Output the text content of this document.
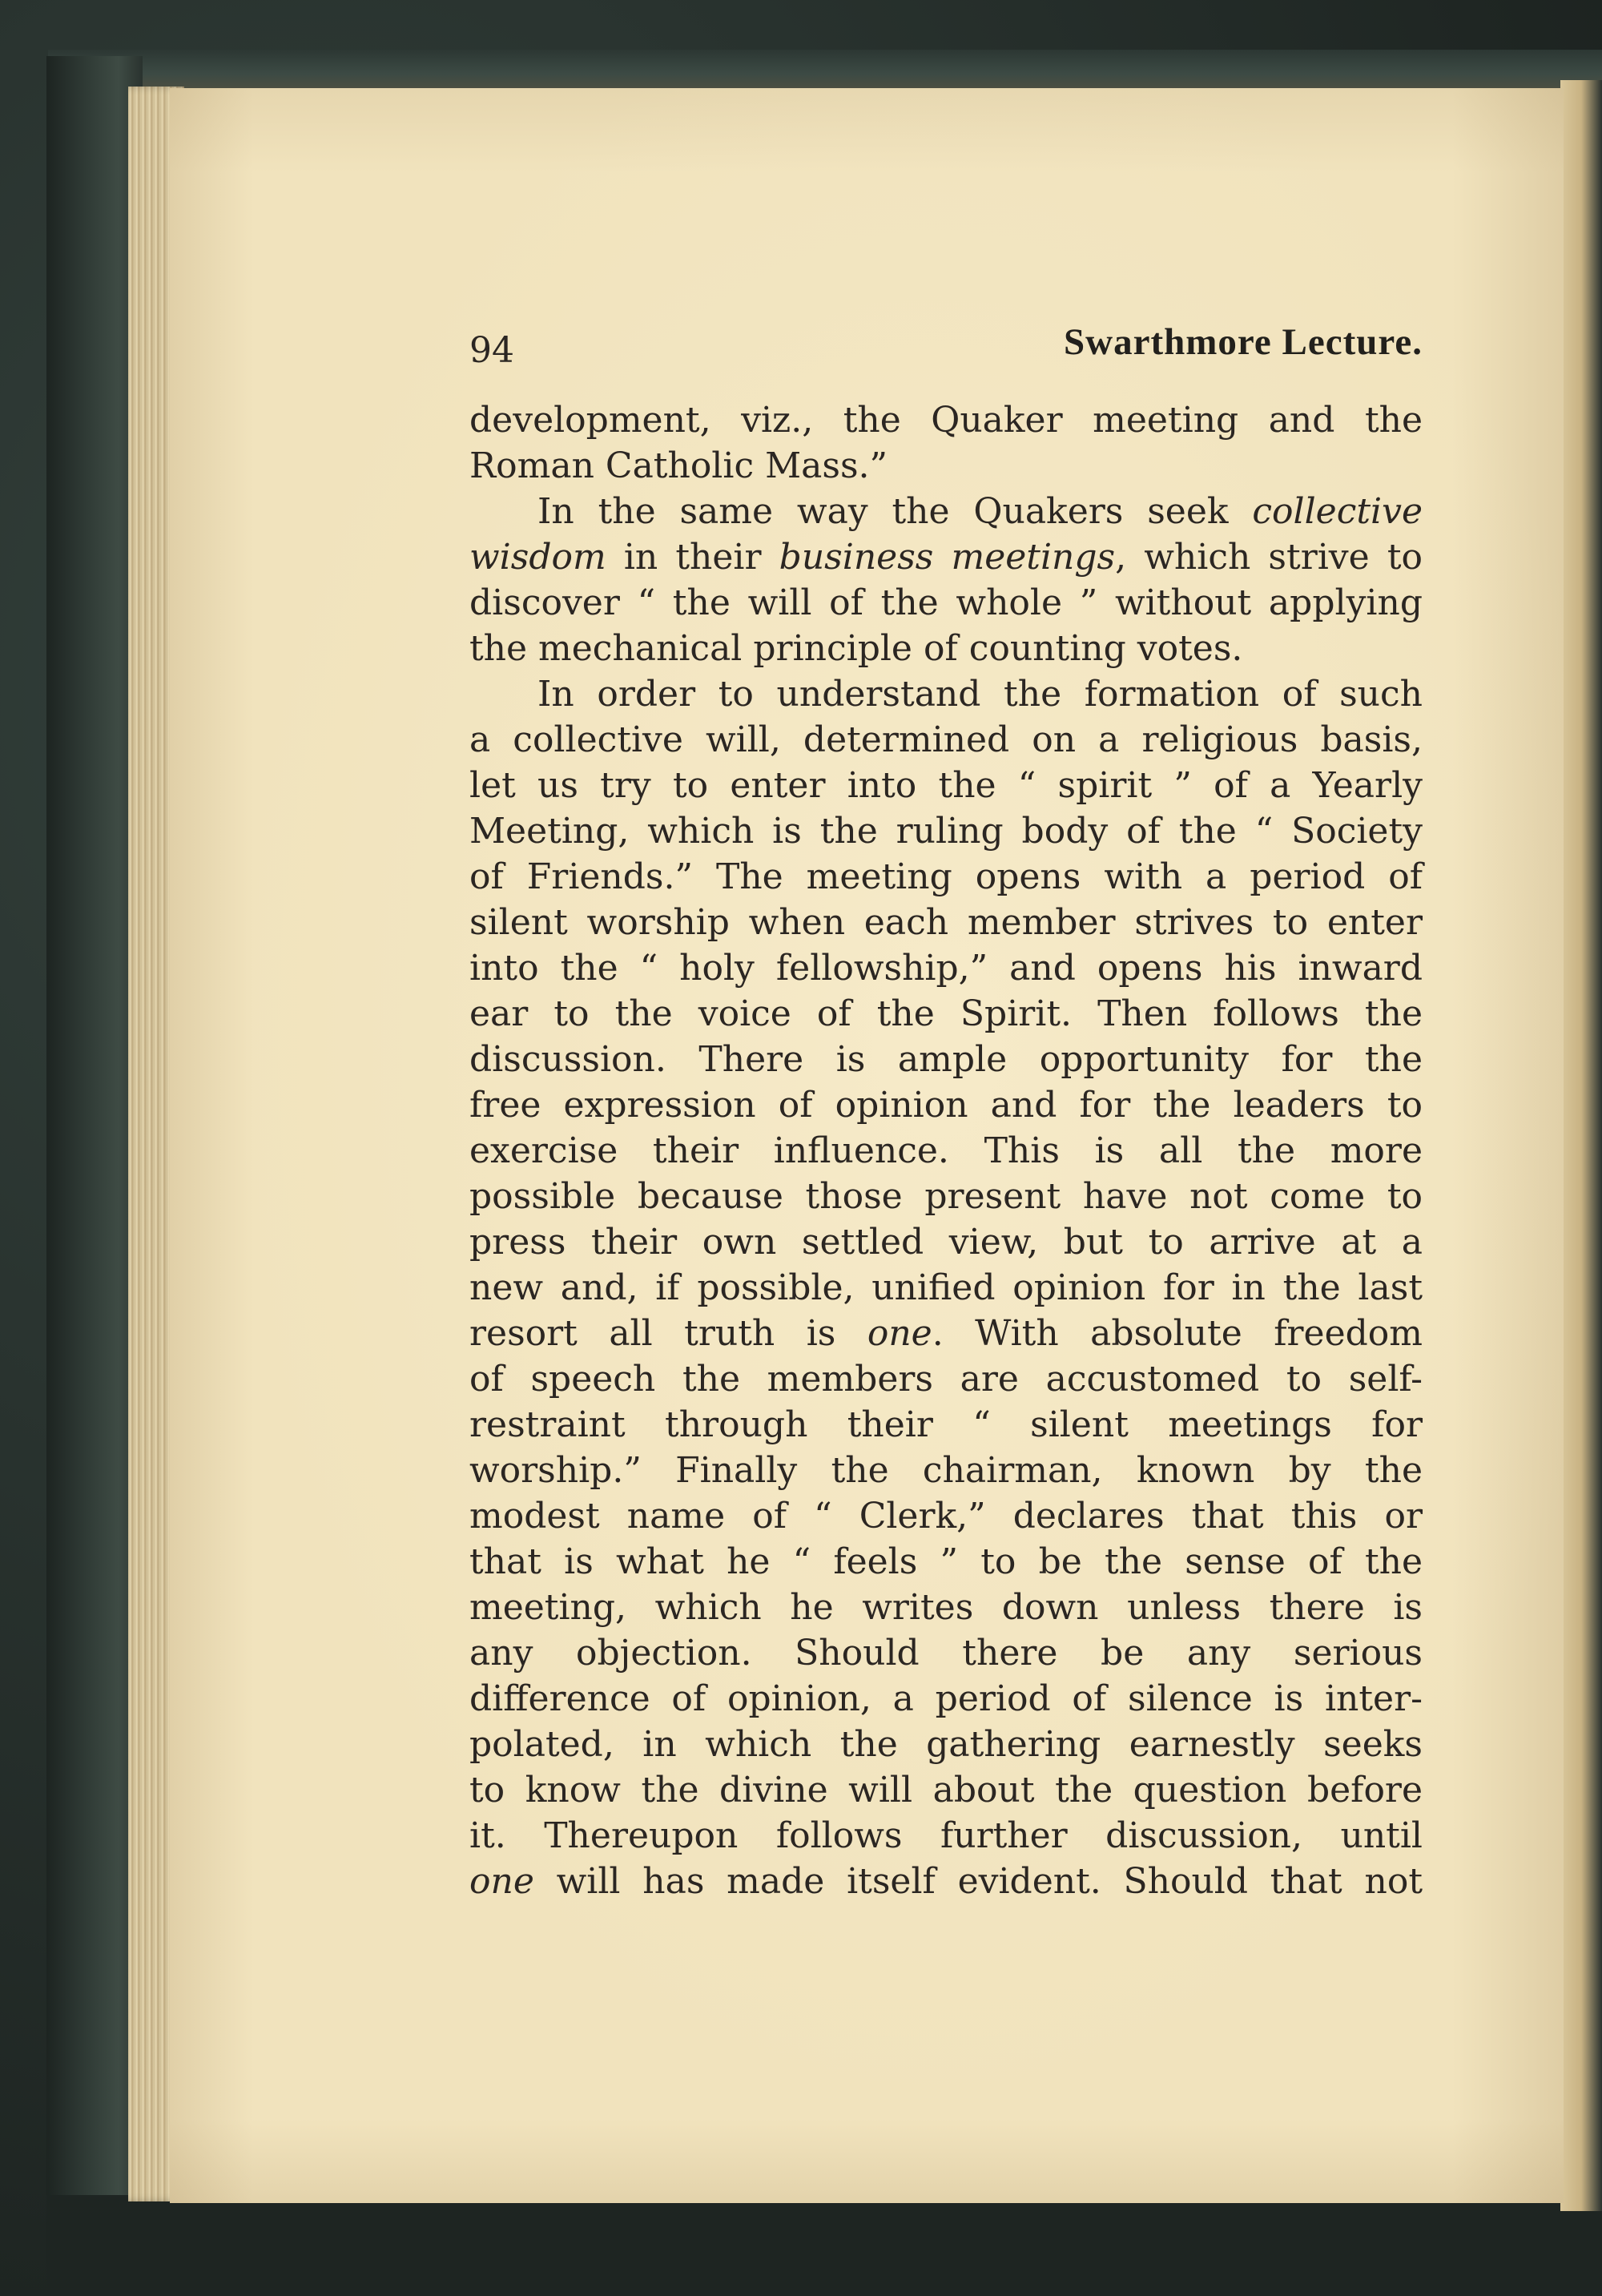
94	Swarthmore Lecture.
development, viz., the Quaker meeting and the
Roman Catholic Mass.”
In the same way the Quakers seek collective
wisdom in their business meetings, which strive to
discover “ the will of the whole ” without applying
the mechanical principle of counting votes.
In order to understand the formation of such
a collective will, determined on a religious basis,
let us try to enter into the “ spirit ” of a Yearly
Meeting, which is the ruling body of the “ Society
of Friends.” The meeting opens with a period of
silent worship when each member strives to enter
into the “ holy fellowship,” and opens his inward
ear to the voice of the Spirit. Then follows the
discussion. There is ample opportunity for the
free expression of opinion and for the leaders to
exercise their influence. This is all the more
possible because those present have not come to
press their own settled view, but to arrive at a
new and, if possible, unified opinion for in the last
resort all truth is one. With absolute freedom
of speech the members are accustomed to self-
restraint through their “ silent meetings for
worship.” Finally the chairman, known by the
modest name of “ Clerk,” declares that this or
that is what he “ feels ” to be the sense of the
meeting, which he writes down unless there is
any objection. Should there be any serious
difference of opinion, a period of silence is inter-
polated, in which the gathering earnestly seeks
to know the divine will about the question before
it. Thereupon follows further discussion, until
one will has made itself evident. Should that not
